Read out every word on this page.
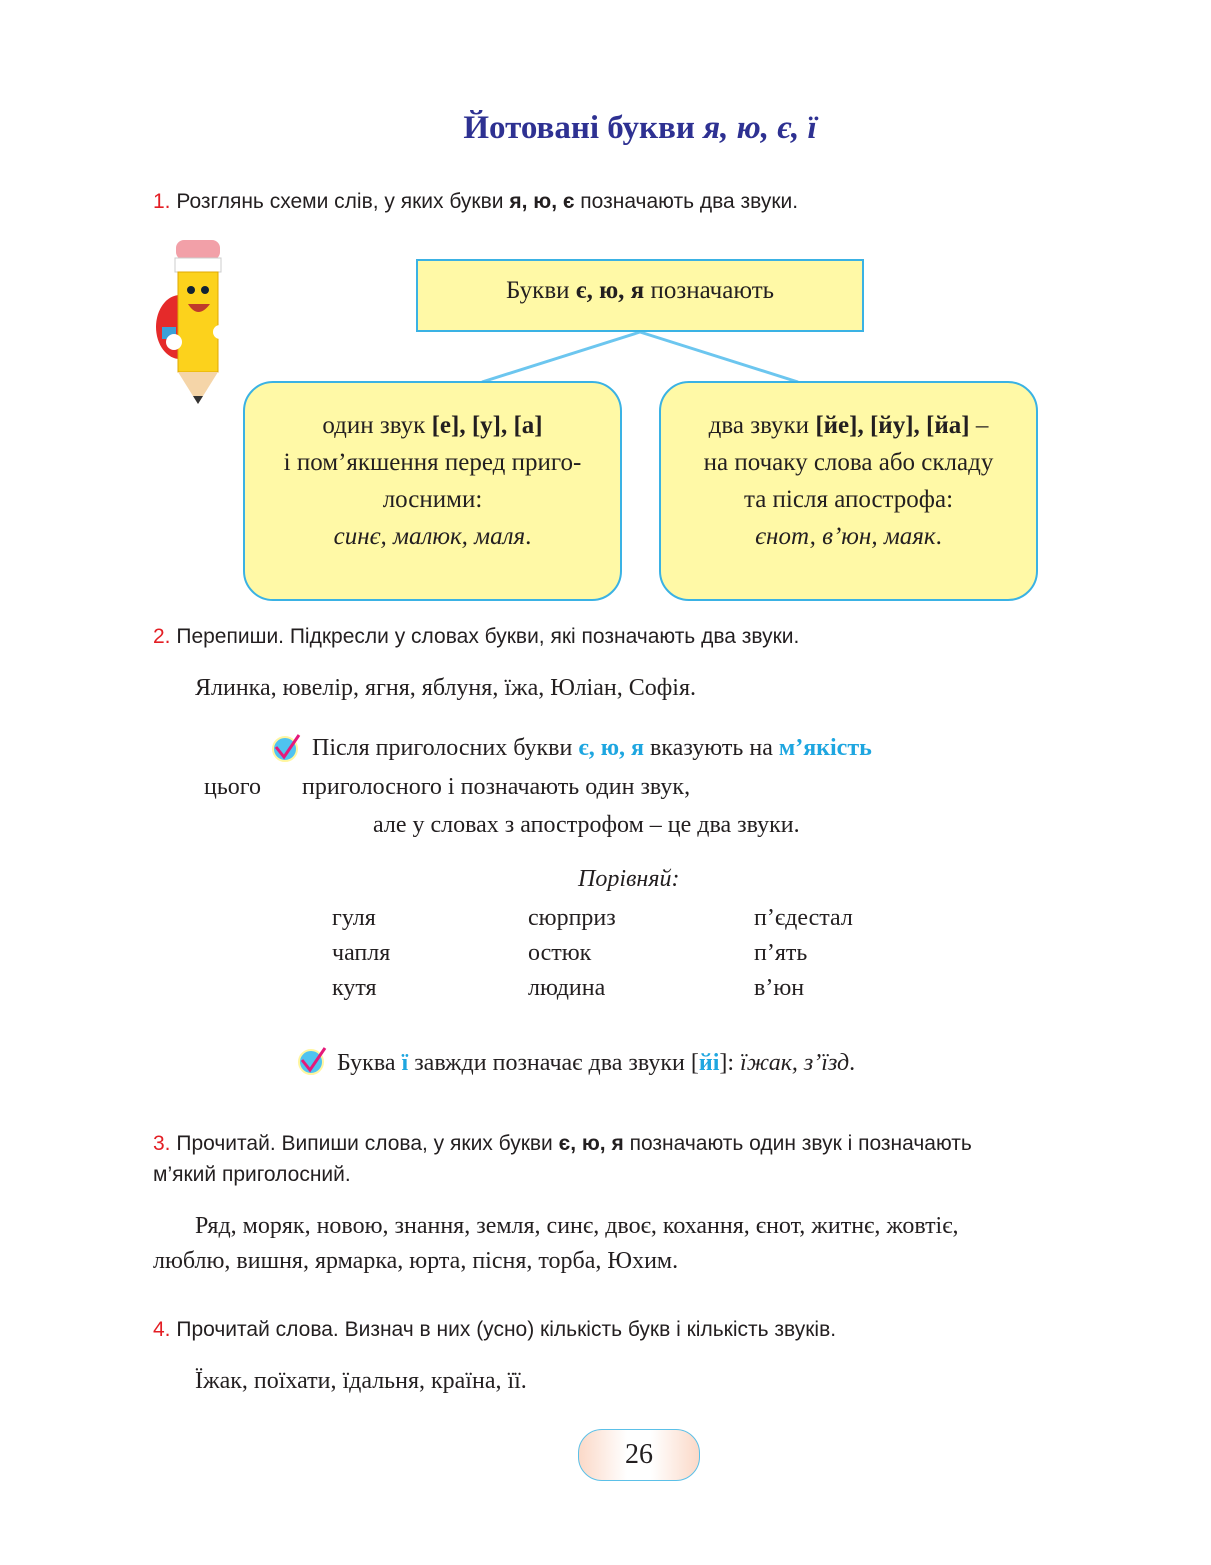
Йотовані букви я, ю, є, ї
1. Розглянь схеми слів, у яких букви я, ю, є позначають два звуки.
Букви є, ю, я позначають
один звук [е], [у], [а]
і пом’якшення перед приго-
лосними:
синє, малюк, маля.
два звуки [йе], [йу], [йа] –
на почаку слова або складу
та після апострофа:
єнот, в’юн, маяк.
2. Перепиши. Підкресли у словах букви, які позначають два звуки.
Ялинка, ювелір, ягня, яблуня, їжа, Юліан, Софія.
Після приголосних букви є, ю, я вказують на м’якість
цього приголосного і позначають один звук,
але у словах з апострофом – це два звуки.
Порівняй:
гуля
чапля
кутя
сюрприз
остюк
людина
п’єдестал
п’ять
в’юн
Буква ї завжди позначає два звуки [йі]: їжак, з’їзд.
3. Прочитай. Випиши слова, у яких букви є, ю, я позначають один звук і позначають
м’який приголосний.
Ряд, моряк, новою, знання, земля, синє, двоє, кохання, єнот, житнє, жовтіє,
люблю, вишня, ярмарка, юрта, пісня, торба, Юхим.
4. Прочитай слова. Визнач в них (усно) кількість букв і кількість звуків.
Їжак, поїхати, їдальня, країна, її.
26
